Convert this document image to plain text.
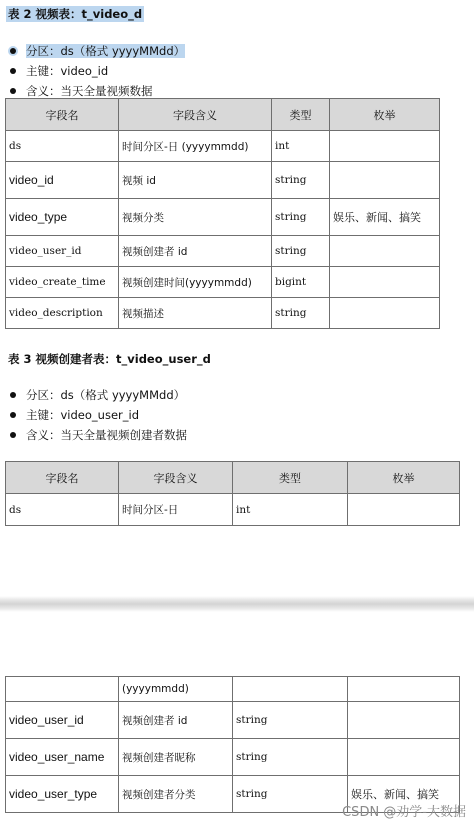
表 2 视频表：t_video_d
分区：ds（格式 yyyyMMdd）
主键：video_id
含义：当天全量视频数据
字段名	字段含义	类型	枚举
ds	时间分区-日 (yyyymmdd)	int	
video_id	视频 id	string	
video_type	视频分类	string	娱乐、新闻、搞笑
video_user_id	视频创建者 id	string	
video_create_time	视频创建时间(yyyymmdd)	bigint	
video_description	视频描述	string	
表 3 视频创建者表：t_video_user_d
分区：ds（格式 yyyyMMdd）
主键：video_user_id
含义：当天全量视频创建者数据
字段名	字段含义	类型	枚举
ds	时间分区-日	int	
	(yyyymmdd)		
video_user_id	视频创建者 id	string	
video_user_name	视频创建者昵称	string	
video_user_type	视频创建者分类	string	娱乐、新闻、搞笑
CSDN @劝学-大数据
